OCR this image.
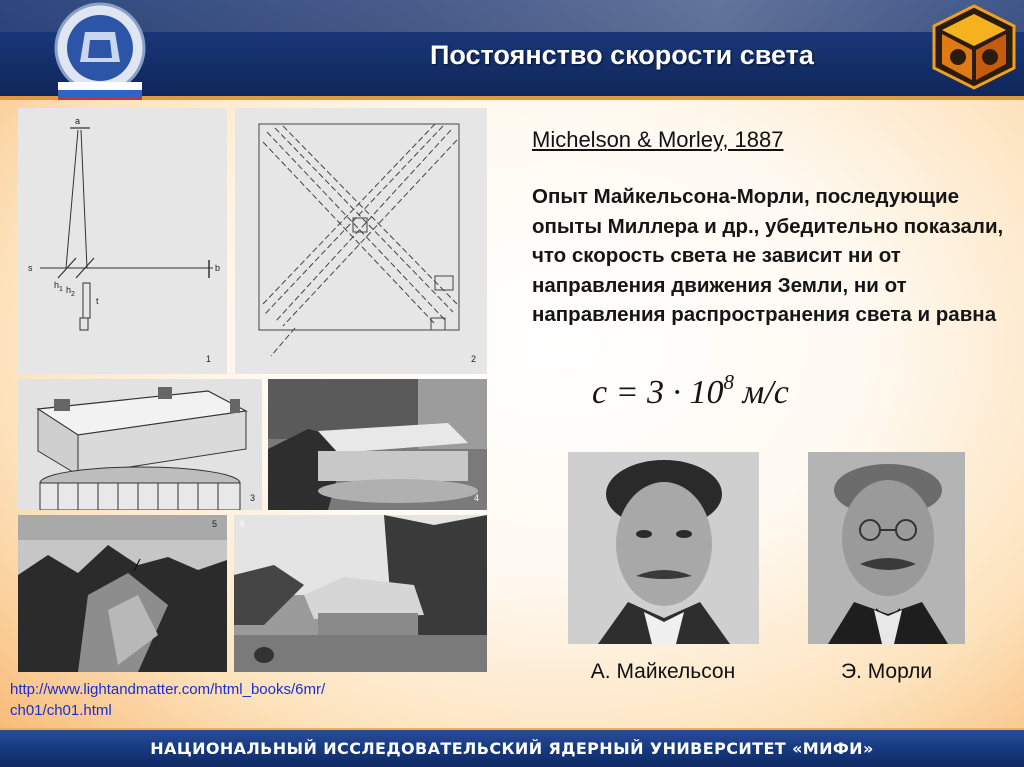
Постоянство скорости света
a
s	b
$h_1$ $h_2$
t
1	2
3	4
5	6
Michelson & Morley, 1887
Опыт Майкельсона-Морли, последующие опыты Миллера и др., убедительно показали, что скорость света не зависит ни от направления движения Земли, ни от направления распространения света и равна
$c = 3 \cdot 10^8$ м/с
А. Майкельсон	Э. Морли
http://www.lightandmatter.com/html_books/6mr/
ch01/ch01.html
НАЦИОНАЛЬНЫЙ ИССЛЕДОВАТЕЛЬСКИЙ ЯДЕРНЫЙ УНИВЕРСИТЕТ «МИФИ»
